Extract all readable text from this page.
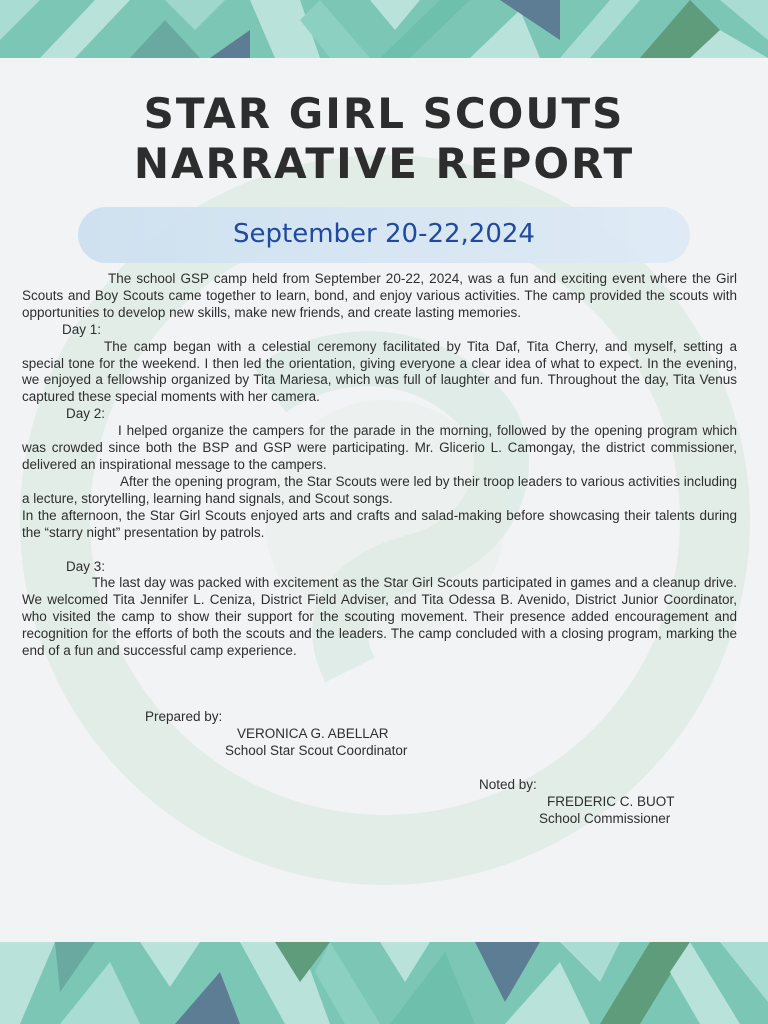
STAR GIRL SCOUTS
NARRATIVE REPORT
September 20-22,2024

The school GSP camp held from September 20-22, 2024, was a fun and exciting event where the Girl Scouts and Boy Scouts came together to learn, bond, and enjoy various activities. The camp provided the scouts with opportunities to develop new skills, make new friends, and create lasting memories.

Day 1:

The camp began with a celestial ceremony facilitated by Tita Daf, Tita Cherry, and myself, setting a special tone for the weekend. I then led the orientation, giving everyone a clear idea of what to expect. In the evening, we enjoyed a fellowship organized by Tita Mariesa, which was full of laughter and fun. Throughout the day, Tita Venus captured these special moments with her camera.

Day 2:

I helped organize the campers for the parade in the morning, followed by the opening program which was crowded since both the BSP and GSP were participating. Mr. Glicerio L. Camongay, the district commissioner, delivered an inspirational message to the campers.

After the opening program, the Star Scouts were led by their troop leaders to various activities including a lecture, storytelling, learning hand signals, and Scout songs.

In the afternoon, the Star Girl Scouts enjoyed arts and crafts and salad-making before showcasing their talents during the “starry night” presentation by patrols.

Day 3:

The last day was packed with excitement as the Star Girl Scouts participated in games and a cleanup drive. We welcomed Tita Jennifer L. Ceniza, District Field Adviser, and Tita Odessa B. Avenido, District Junior Coordinator, who visited the camp to show their support for the scouting movement. Their presence added encouragement and recognition for the efforts of both the scouts and the leaders. The camp concluded with a closing program, marking the end of a fun and successful camp experience.

Prepared by:
VERONICA G. ABELLAR
School Star Scout Coordinator
Noted by:
FREDERIC C. BUOT
School Commissioner
